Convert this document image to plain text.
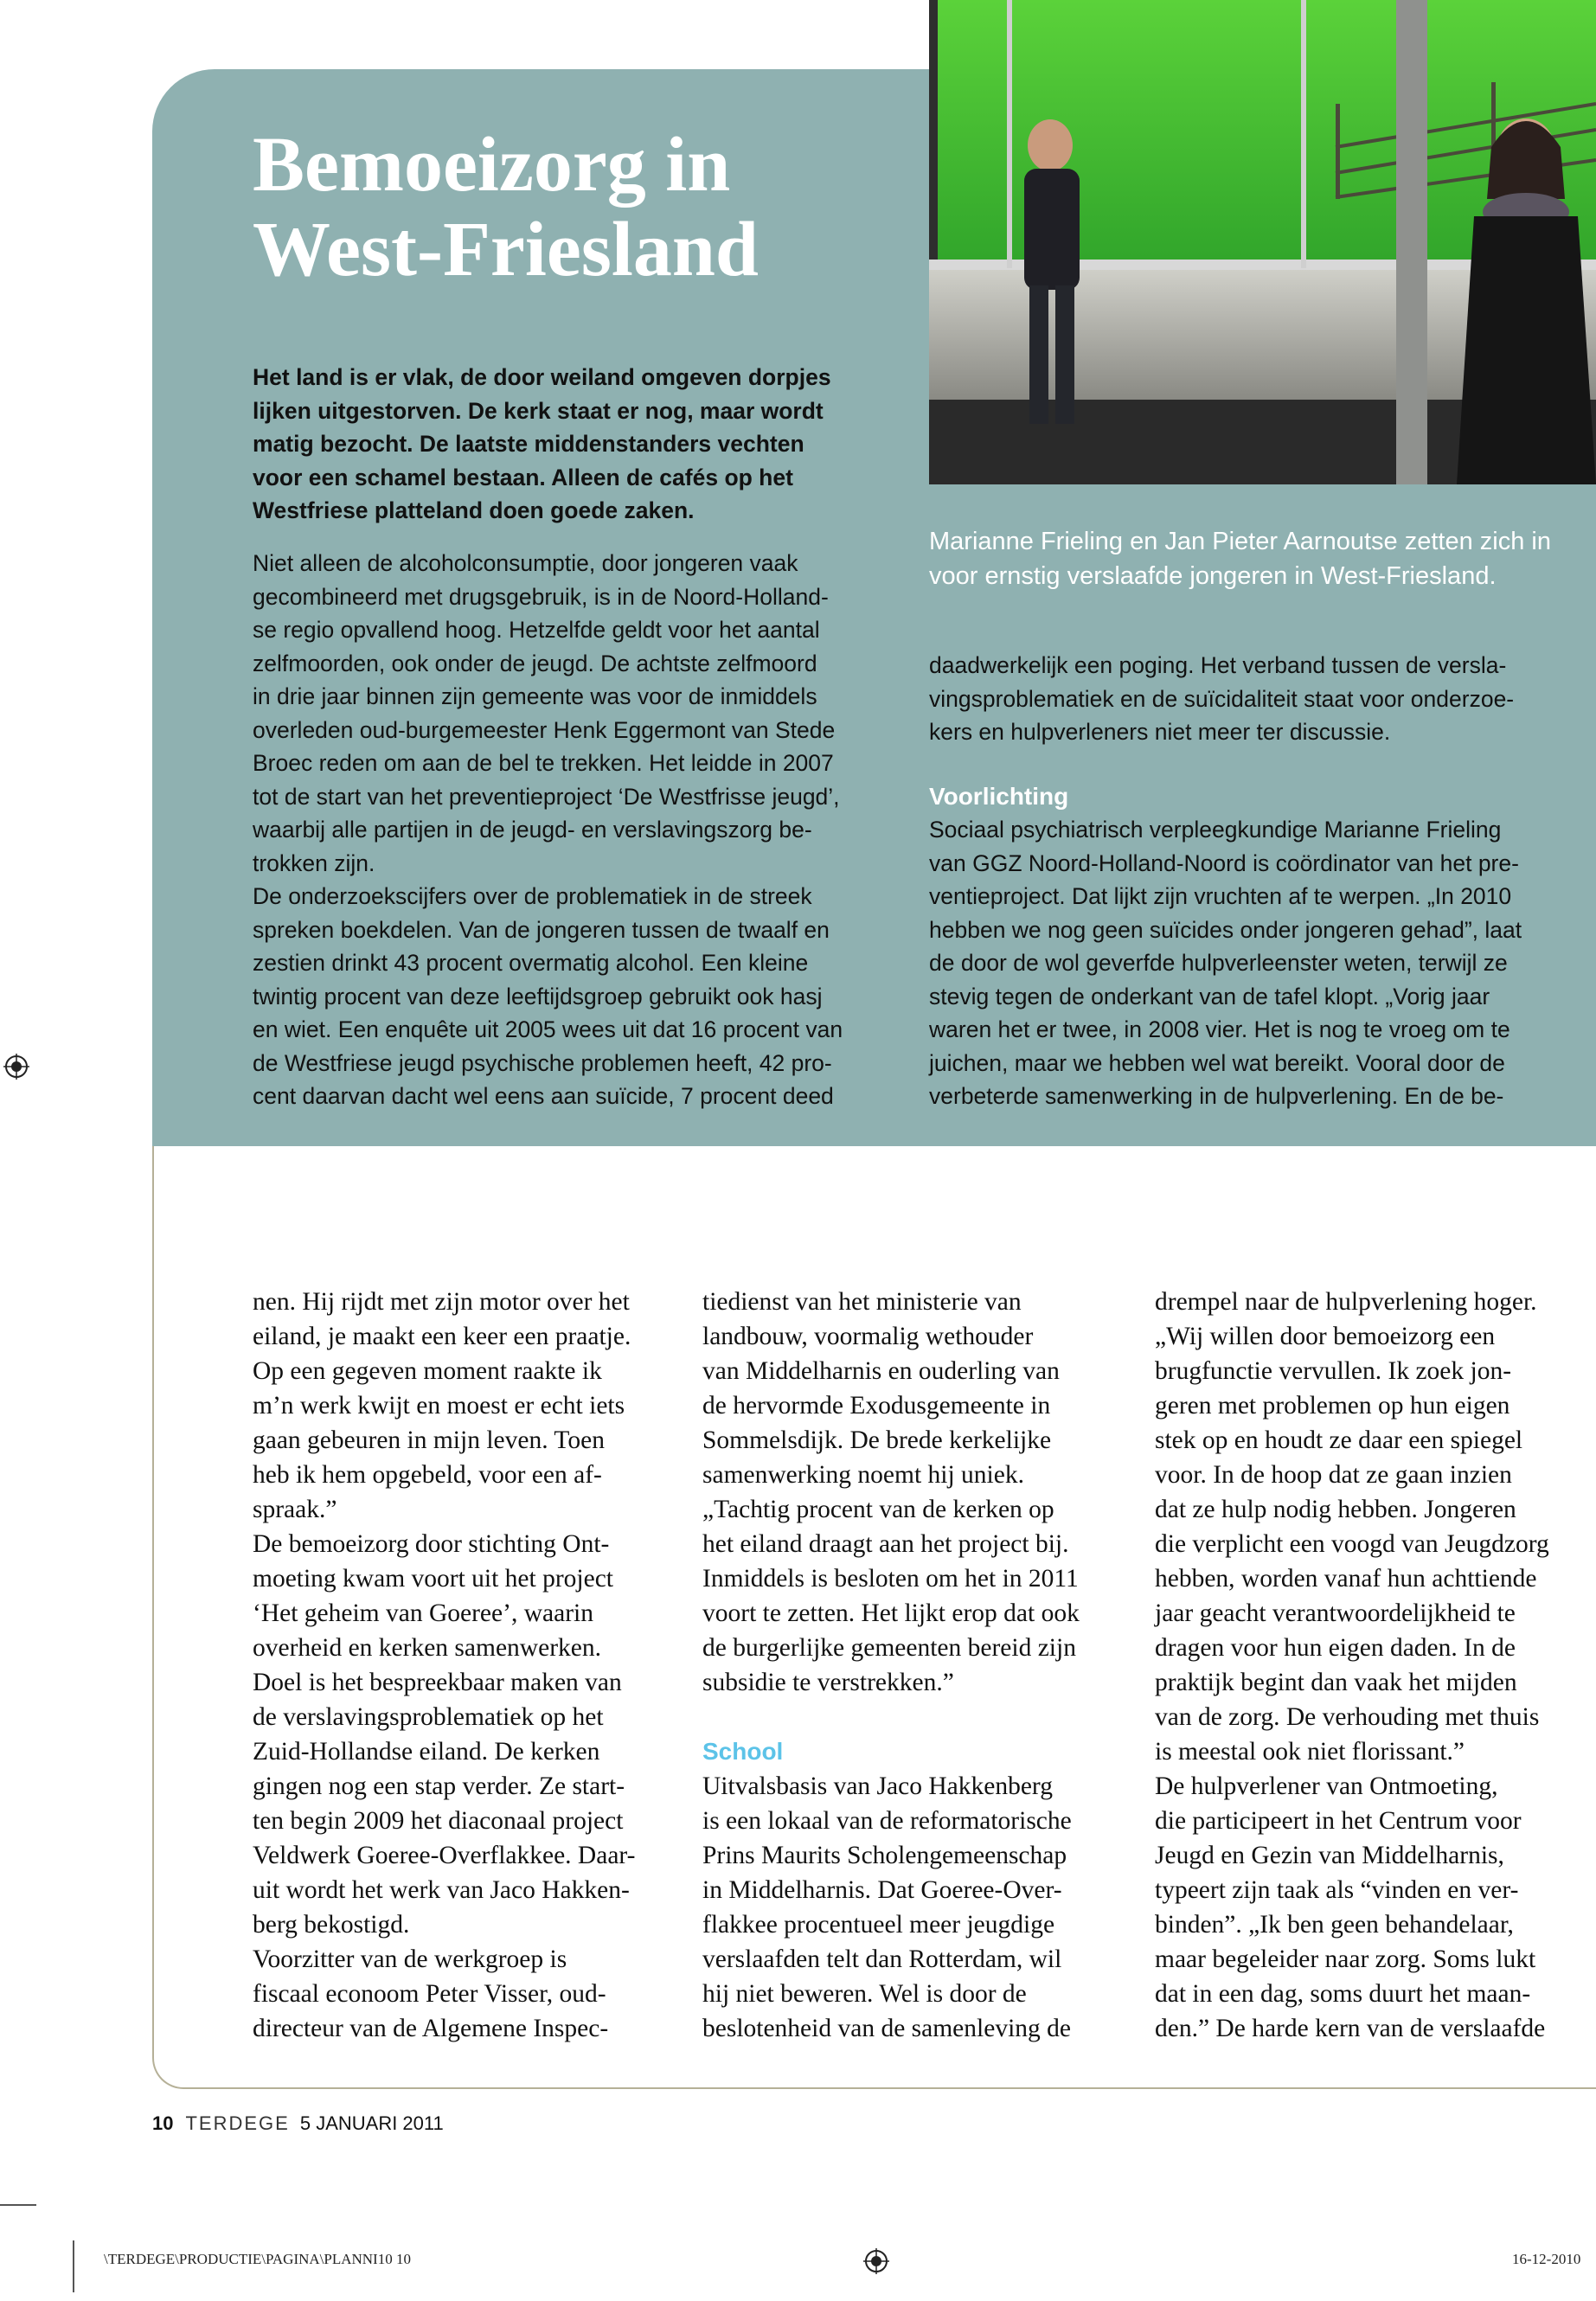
Bemoeizorg in
West-Friesland

Het land is er vlak, de door weiland omgeven dorpjes
lijken uitgestorven. De kerk staat er nog, maar wordt
matig bezocht. De laatste middenstanders vechten
voor een schamel bestaan. Alleen de cafés op het
Westfriese platteland doen goede zaken.

Niet alleen de alcoholconsumptie, door jongeren vaak
gecombineerd met drugsgebruik, is in de Noord-Holland-
se regio opvallend hoog. Hetzelfde geldt voor het aantal
zelfmoorden, ook onder de jeugd. De achtste zelfmoord
in drie jaar binnen zijn gemeente was voor de inmiddels
overleden oud-burgemeester Henk Eggermont van Stede
Broec reden om aan de bel te trekken. Het leidde in 2007
tot de start van het preventieproject ‘De Westfrisse jeugd’,
waarbij alle partijen in de jeugd- en verslavingszorg be-
trokken zijn.
De onderzoekscijfers over de problematiek in de streek
spreken boekdelen. Van de jongeren tussen de twaalf en
zestien drinkt 43 procent overmatig alcohol. Een kleine
twintig procent van deze leeftijdsgroep gebruikt ook hasj
en wiet. Een enquête uit 2005 wees uit dat 16 procent van
de Westfriese jeugd psychische problemen heeft, 42 pro-
cent daarvan dacht wel eens aan suïcide, 7 procent deed

Marianne Frieling en Jan Pieter Aarnoutse zetten zich in
voor ernstig verslaafde jongeren in West-Friesland.

daadwerkelijk een poging. Het verband tussen de versla-
vingsproblematiek en de suïcidaliteit staat voor onderzoe-
kers en hulpverleners niet meer ter discussie.

Voorlichting

Sociaal psychiatrisch verpleegkundige Marianne Frieling
van GGZ Noord-Holland-Noord is coördinator van het pre-
ventieproject. Dat lijkt zijn vruchten af te werpen. „In 2010
hebben we nog geen suïcides onder jongeren gehad”, laat
de door de wol geverfde hulpverleenster weten, terwijl ze
stevig tegen de onderkant van de tafel klopt. „Vorig jaar
waren het er twee, in 2008 vier. Het is nog te vroeg om te
juichen, maar we hebben wel wat bereikt. Vooral door de
verbeterde samenwerking in de hulpverlening. En de be-

nen. Hij rijdt met zijn motor over het
eiland, je maakt een keer een praatje.
Op een gegeven moment raakte ik
m’n werk kwijt en moest er echt iets
gaan gebeuren in mijn leven. Toen
heb ik hem opgebeld, voor een af-
spraak.”
De bemoeizorg door stichting Ont-
moeting kwam voort uit het project
‘Het geheim van Goeree’, waarin
overheid en kerken samenwerken.
Doel is het bespreekbaar maken van
de verslavingsproblematiek op het
Zuid-Hollandse eiland. De kerken
gingen nog een stap verder. Ze start-
ten begin 2009 het diaconaal project
Veldwerk Goeree-Overflakkee. Daar-
uit wordt het werk van Jaco Hakken-
berg bekostigd.
Voorzitter van de werkgroep is
fiscaal econoom Peter Visser, oud-
directeur van de Algemene Inspec-

tiedienst van het ministerie van
landbouw, voormalig wethouder
van Middelharnis en ouderling van
de hervormde Exodusgemeente in
Sommelsdijk. De brede kerkelijke
samenwerking noemt hij uniek.
„Tachtig procent van de kerken op
het eiland draagt aan het project bij.
Inmiddels is besloten om het in 2011
voort te zetten. Het lijkt erop dat ook
de burgerlijke gemeenten bereid zijn
subsidie te verstrekken.”

School

Uitvalsbasis van Jaco Hakkenberg
is een lokaal van de reformatorische
Prins Maurits Scholengemeenschap
in Middelharnis. Dat Goeree-Over-
flakkee procentueel meer jeugdige
verslaafden telt dan Rotterdam, wil
hij niet beweren. Wel is door de
beslotenheid van de samenleving de

drempel naar de hulpverlening hoger.
„Wij willen door bemoeizorg een
brugfunctie vervullen. Ik zoek jon-
geren met problemen op hun eigen
stek op en houdt ze daar een spiegel
voor. In de hoop dat ze gaan inzien
dat ze hulp nodig hebben. Jongeren
die verplicht een voogd van Jeugdzorg
hebben, worden vanaf hun achttiende
jaar geacht verantwoordelijkheid te
dragen voor hun eigen daden. In de
praktijk begint dan vaak het mijden
van de zorg. De verhouding met thuis
is meestal ook niet florissant.”
De hulpverlener van Ontmoeting,
die participeert in het Centrum voor
Jeugd en Gezin van Middelharnis,
typeert zijn taak als “vinden en ver-
binden”. „Ik ben geen behandelaar,
maar begeleider naar zorg. Soms lukt
dat in een dag, soms duurt het maan-
den.” De harde kern van de verslaafde

10 TERDEGE 5 JANUARI 2011

\TERDEGE\PRODUCTIE\PAGINA\PLANNI10 10	16-12-2010
